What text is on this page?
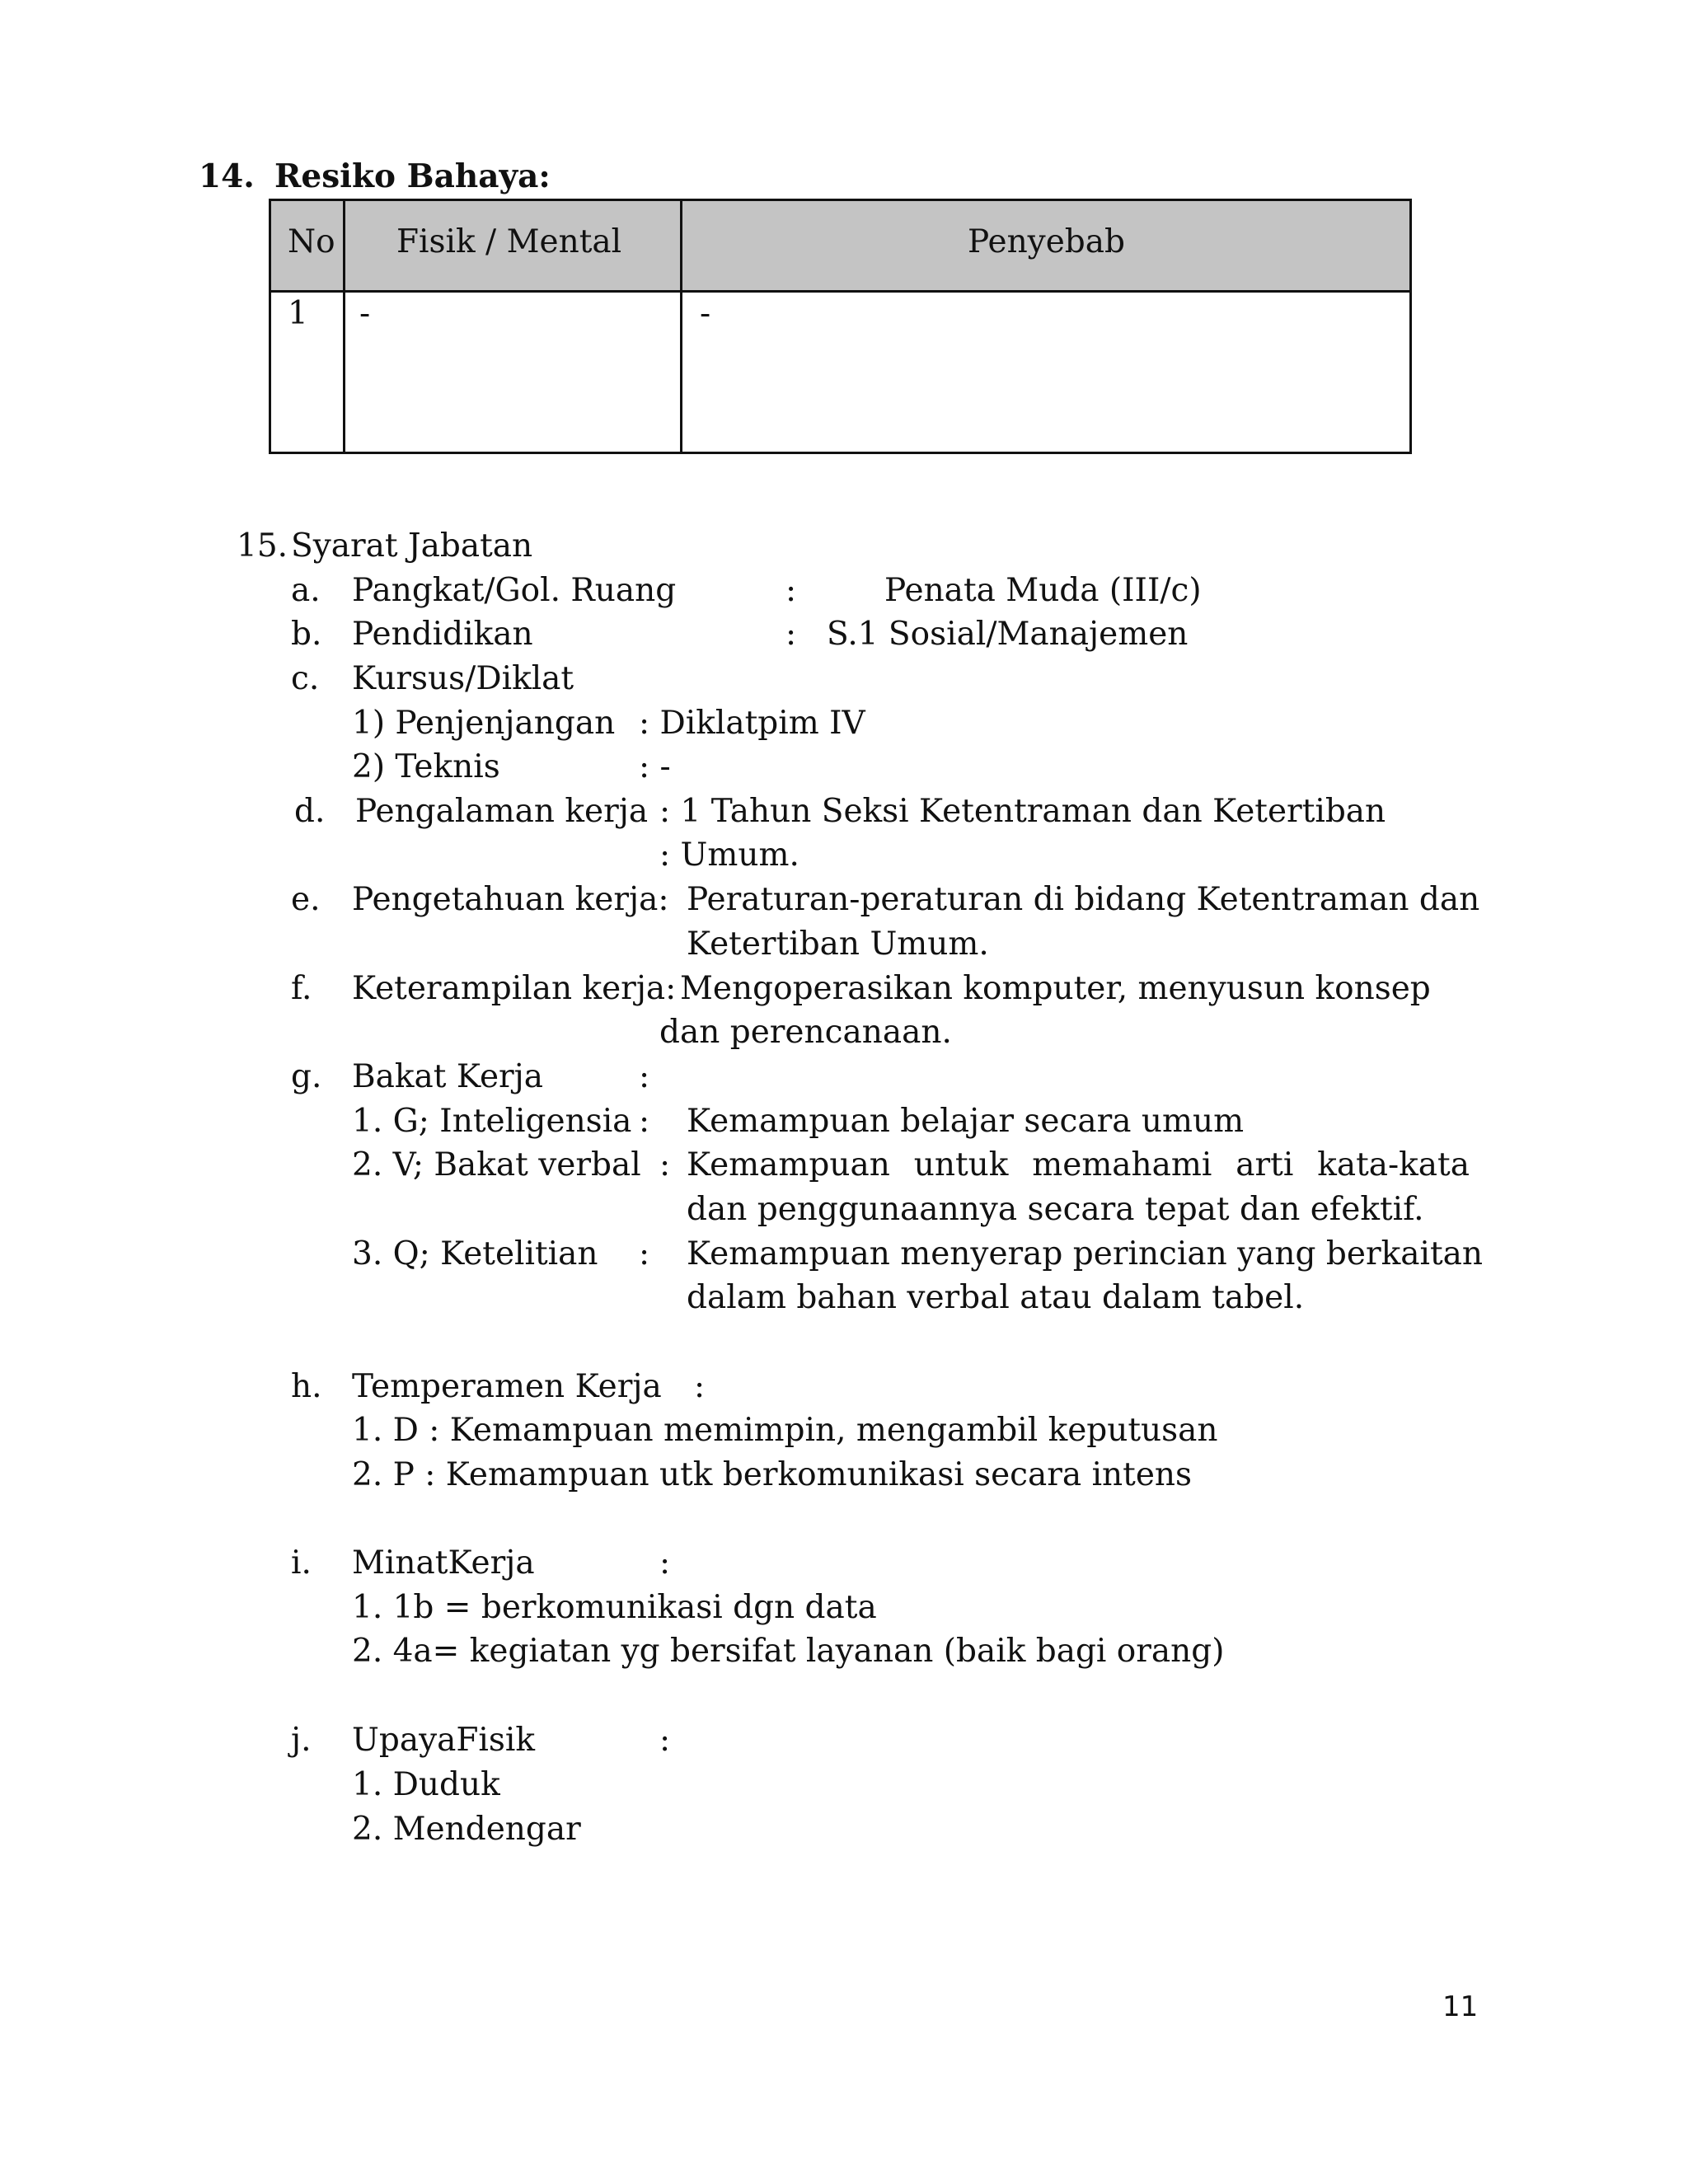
14. Resiko Bahaya:
No Fisik / Mental	Penyebab
1 -	-
15. Syarat Jabatan
a. Pangkat/Gol. Ruang	:	Penata Muda (III/c)
b. Pendidikan	: S.1 Sosial/Manajemen
c. Kursus/Diklat
1) Penjenjangan : Diklatpim IV
2) Teknis	: -
d. Pengalaman kerja : 1 Tahun Seksi Ketentraman dan Ketertiban
: Umum.
e. Pengetahuan kerja: Peraturan-peraturan di bidang Ketentraman dan
Ketertiban Umum.
f. Keterampilan kerja: Mengoperasikan komputer, menyusun konsep
dan perencanaan.
g. Bakat Kerja	:
1. G; Inteligensia : Kemampuan belajar secara umum
2. V; Bakat verbal : Kemampuan untuk memahami arti kata-kata
dan penggunaannya secara tepat dan efektif.
3. Q; Ketelitian : Kemampuan menyerap perincian yang berkaitan
dalam bahan verbal atau dalam tabel.
h. Temperamen Kerja :
1. D : Kemampuan memimpin, mengambil keputusan
2. P : Kemampuan utk berkomunikasi secara intens
i. MinatKerja	:
1. 1b = berkomunikasi dgn data
2. 4a= kegiatan yg bersifat layanan (baik bagi orang)
j. UpayaFisik	:
1. Duduk
2. Mendengar
11
